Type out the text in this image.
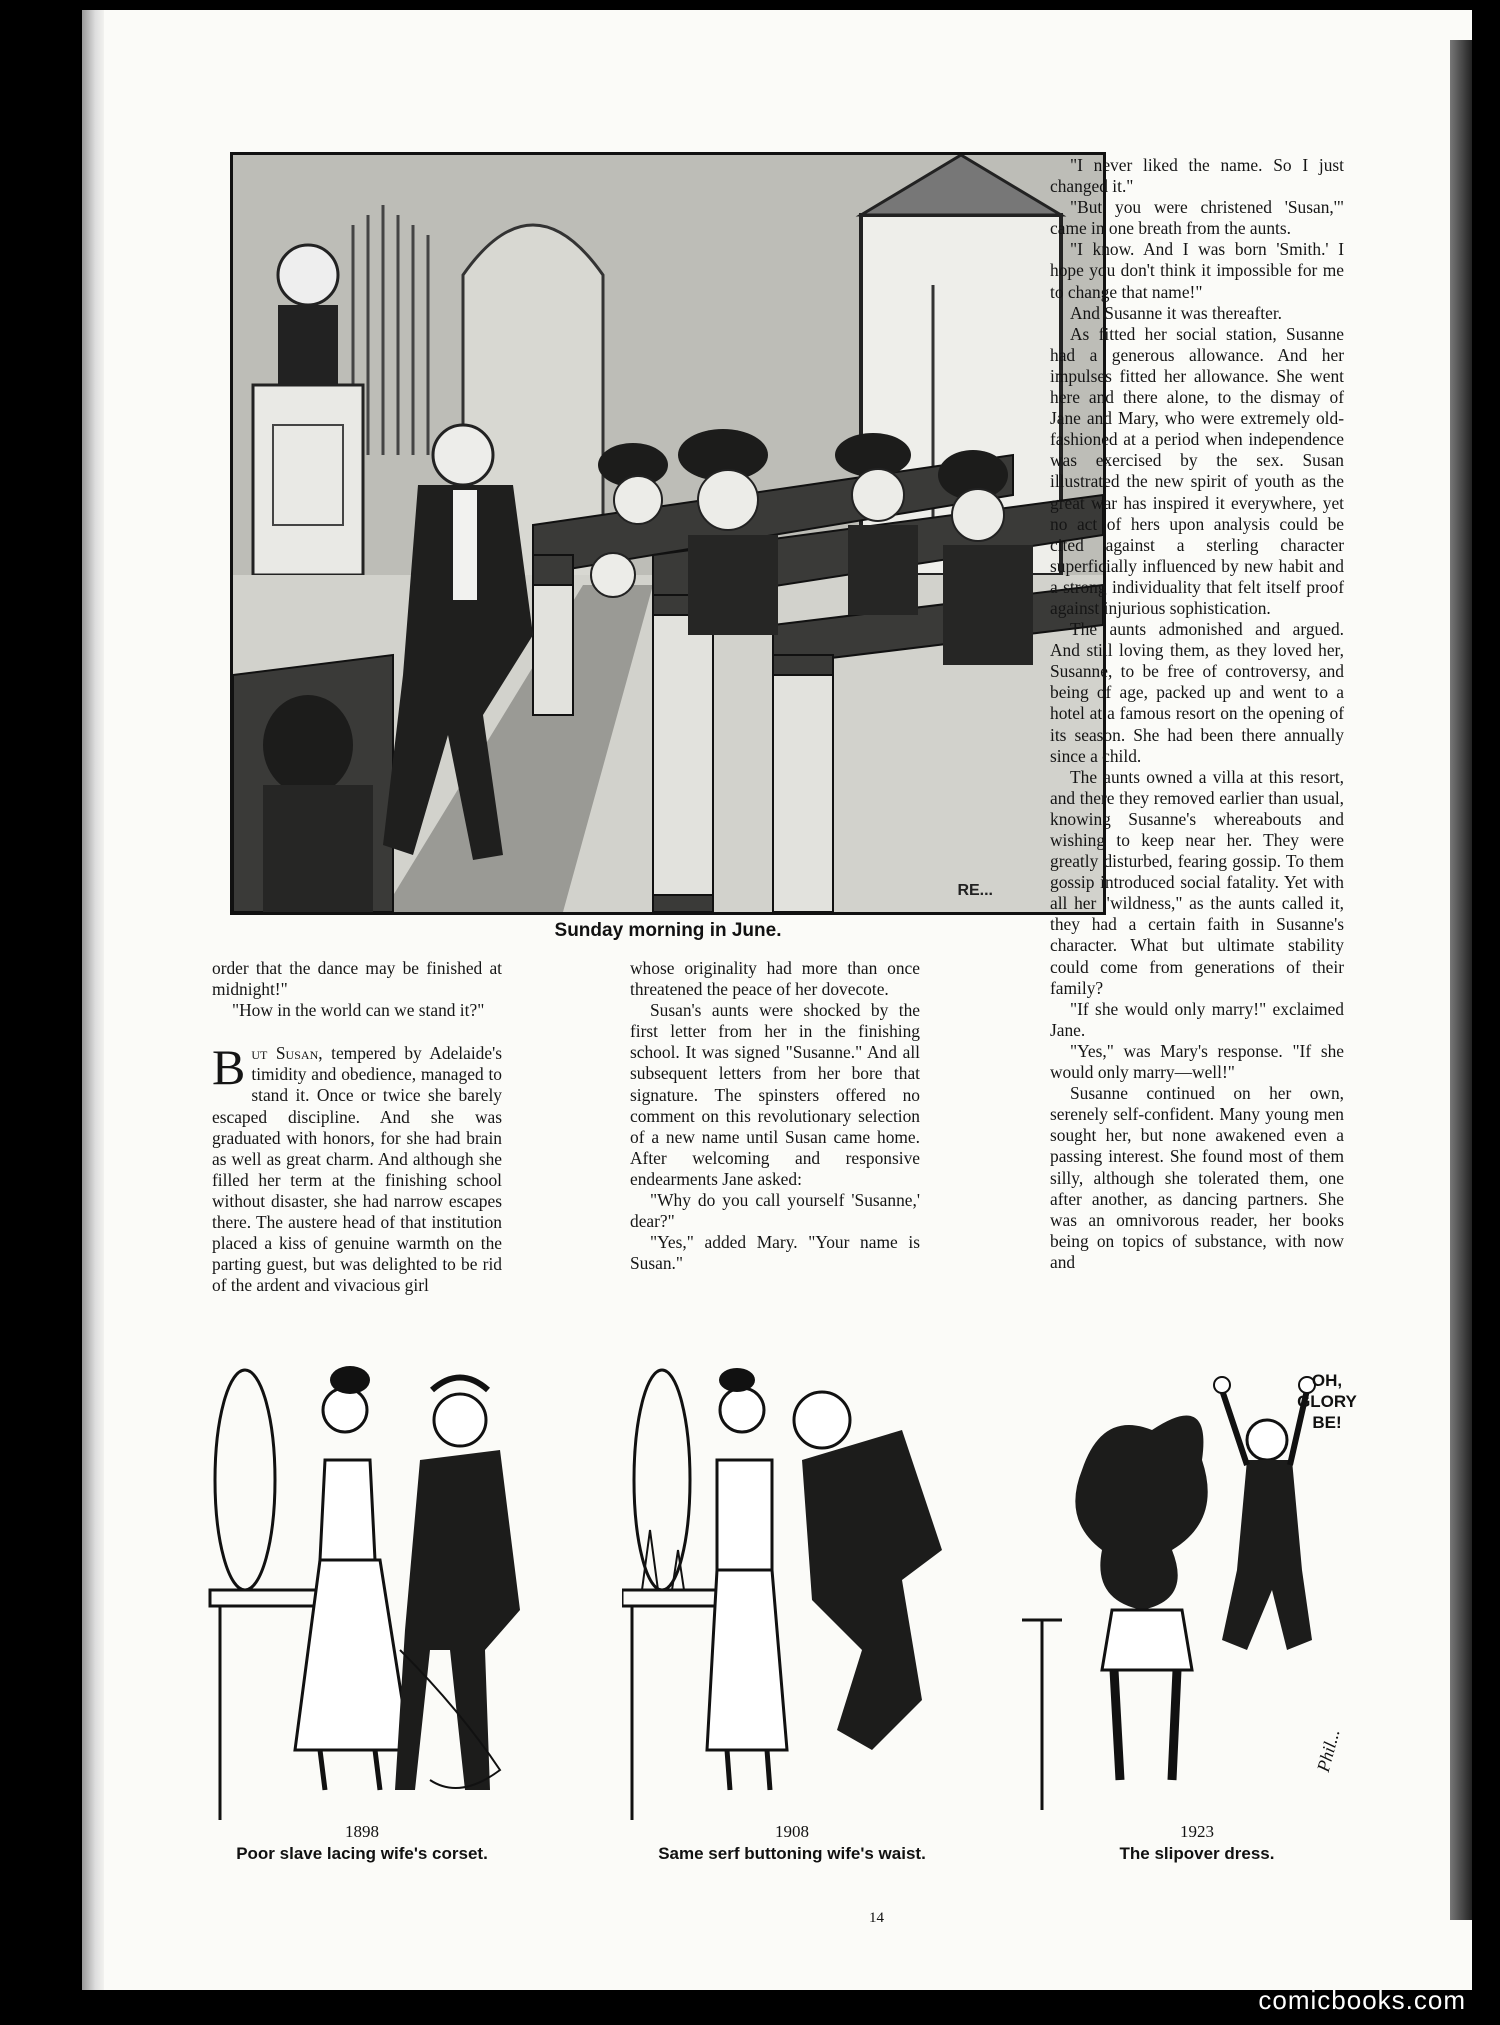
RE...
Sunday morning in June.

order that the dance may be finished at midnight!"

"How in the world can we stand it?"

But Susan, tempered by Adelaide's timidity and obedience, managed to stand it. Once or twice she barely escaped discipline. And she was graduated with honors, for she had brain as well as great charm. And although she filled her term at the finishing school without disaster, she had narrow escapes there. The austere head of that institution placed a kiss of genuine warmth on the parting guest, but was delighted to be rid of the ardent and vivacious girl

whose originality had more than once threatened the peace of her dovecote.

Susan's aunts were shocked by the first letter from her in the finishing school. It was signed "Susanne." And all subsequent letters from her bore that signature. The spinsters offered no comment on this revolutionary selection of a new name until Susan came home. After welcoming and responsive endearments Jane asked:

"Why do you call yourself 'Susanne,' dear?"

"Yes," added Mary. "Your name is Susan."

"I never liked the name. So I just changed it."

"But you were christened 'Susan,'" came in one breath from the aunts.

"I know. And I was born 'Smith.' I hope you don't think it impossible for me to change that name!"

And Susanne it was thereafter.

As fitted her social station, Susanne had a generous allowance. And her impulses fitted her allowance. She went here and there alone, to the dismay of Jane and Mary, who were extremely old-fashioned at a period when independence was exercised by the sex. Susan illustrated the new spirit of youth as the great war has inspired it everywhere, yet no act of hers upon analysis could be cited against a sterling character superficially influenced by new habit and a strong individuality that felt itself proof against injurious sophistication.

The aunts admonished and argued. And still loving them, as they loved her, Susanne, to be free of controversy, and being of age, packed up and went to a hotel at a famous resort on the opening of its season. She had been there annually since a child.

The aunts owned a villa at this resort, and there they removed earlier than usual, knowing Susanne's whereabouts and wishing to keep near her. They were greatly disturbed, fearing gossip. To them gossip introduced social fatality. Yet with all her "wildness," as the aunts called it, they had a certain faith in Susanne's character. What but ultimate stability could come from generations of their family?

"If she would only marry!" exclaimed Jane.

"Yes," was Mary's response. "If she would only marry—well!"

Susanne continued on her own, serenely self-confident. Many young men sought her, but none awakened even a passing interest. She found most of them silly, although she tolerated them, one after another, as dancing partners. She was an omnivorous reader, her books being on topics of substance, with now and

1898
Poor slave lacing wife's corset.
1908
Same serf buttoning wife's waist.
OH,
GLORY
BE!
Phil...
1923
The slipover dress.
14
comicbooks.com
